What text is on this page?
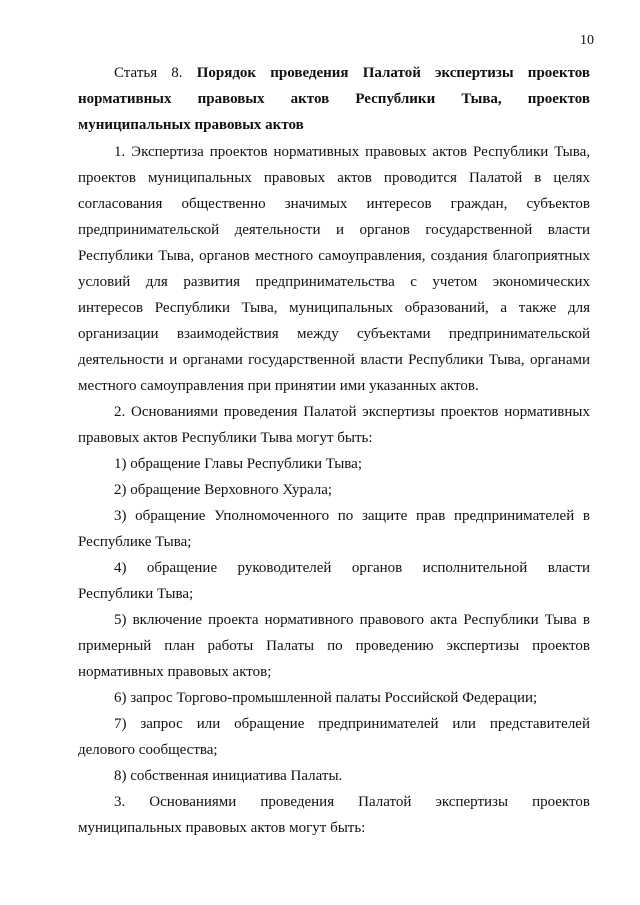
10
Статья 8. Порядок проведения Палатой экспертизы проектов
нормативных правовых актов Республики Тыва, проектов
муниципальных правовых актов
1. Экспертиза проектов нормативных правовых актов Республики Тыва,
проектов муниципальных правовых актов проводится Палатой в целях
согласования общественно значимых интересов граждан, субъектов
предпринимательской деятельности и органов государственной власти
Республики Тыва, органов местного самоуправления, создания благоприятных
условий для развития предпринимательства с учетом экономических
интересов Республики Тыва, муниципальных образований, а также для
организации взаимодействия между субъектами предпринимательской
деятельности и органами государственной власти Республики Тыва, органами
местного самоуправления при принятии ими указанных актов.
2. Основаниями проведения Палатой экспертизы проектов нормативных
правовых актов Республики Тыва могут быть:
1) обращение Главы Республики Тыва;
2) обращение Верховного Хурала;
3) обращение Уполномоченного по защите прав предпринимателей в
Республике Тыва;
4) обращение руководителей органов исполнительной власти
Республики Тыва;
5) включение проекта нормативного правового акта Республики Тыва в
примерный план работы Палаты по проведению экспертизы проектов
нормативных правовых актов;
6) запрос Торгово-промышленной палаты Российской Федерации;
7) запрос или обращение предпринимателей или представителей
делового сообщества;
8) собственная инициатива Палаты.
3. Основаниями проведения Палатой экспертизы проектов
муниципальных правовых актов могут быть:
